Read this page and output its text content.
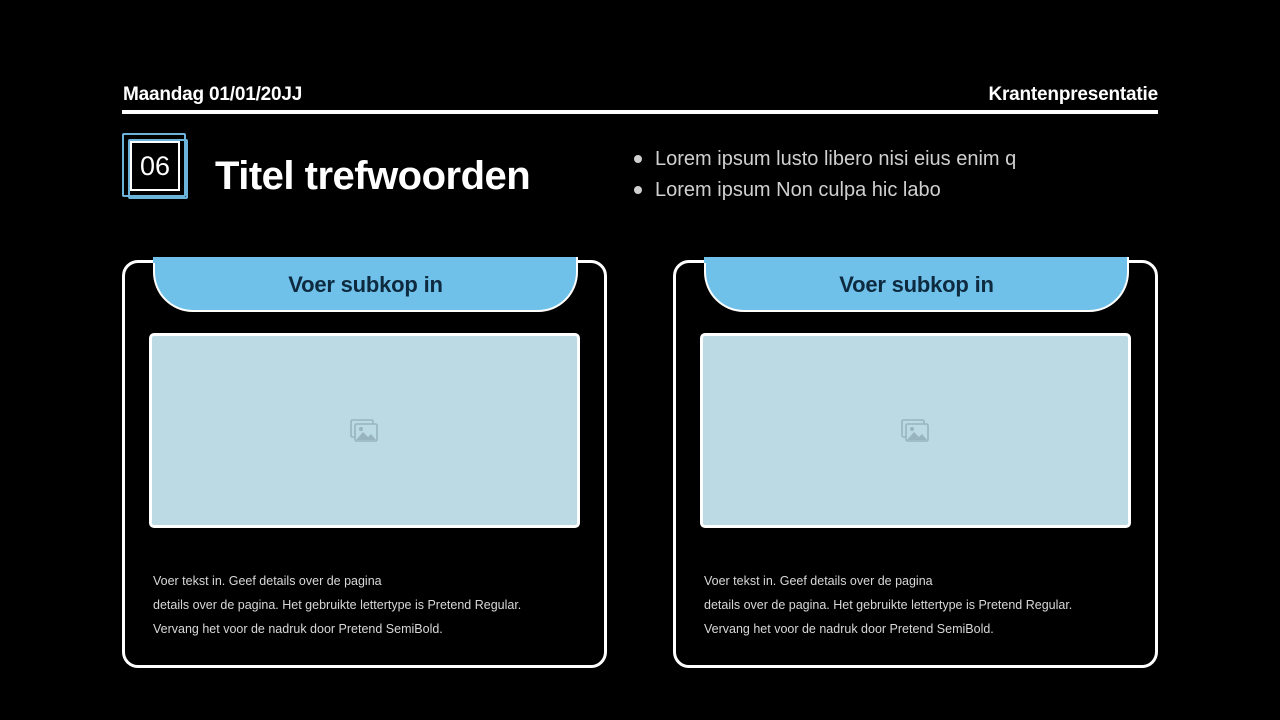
Maandag 01/01/20JJ	Krantenpresentatie
06 Titel trefwoorden	Lorem ipsum lusto libero nisi eius enim q
Lorem ipsum Non culpa hic labo
Voer subkop in
Voer tekst in. Geef details over de pagina
details over de pagina. Het gebruikte lettertype is Pretend Regular.
Vervang het voor de nadruk door Pretend SemiBold.
Voer subkop in
Voer tekst in. Geef details over de pagina
details over de pagina. Het gebruikte lettertype is Pretend Regular.
Vervang het voor de nadruk door Pretend SemiBold.
